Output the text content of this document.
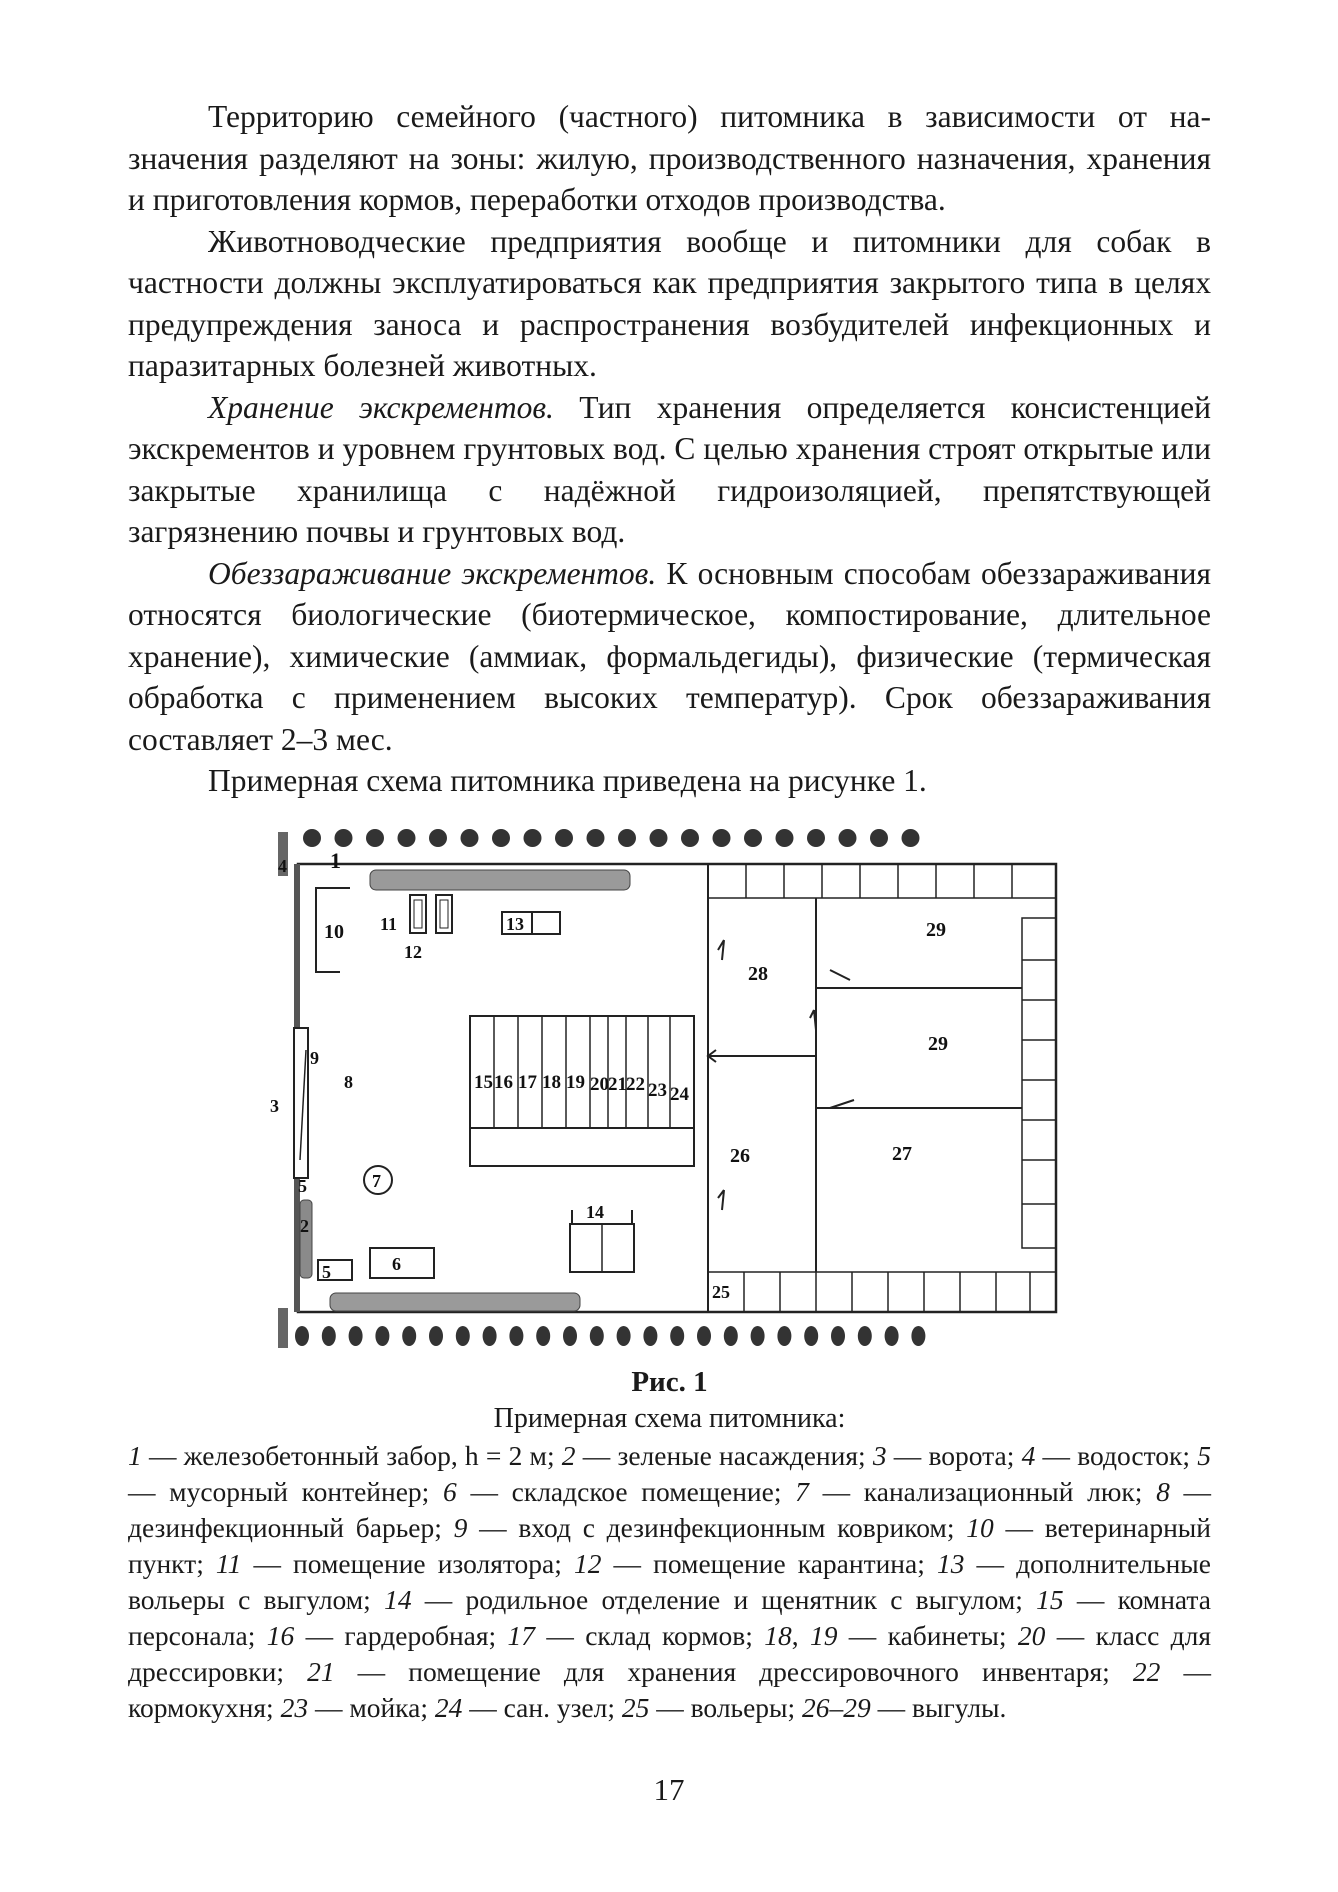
Территорию семейного (частного) питомника в зависимости от назначения разделяют на зоны: жилую, производственного назначения, хранения и приготовления кормов, переработки отходов производства.

Животноводческие предприятия вообще и питомники для собак в частности должны эксплуатироваться как предприятия закрытого типа в целях предупреждения заноса и распространения возбудителей инфекционных и паразитарных болезней животных.

Хранение экскрементов. Тип хранения определяется консистенцией экскрементов и уровнем грунтовых вод. С целью хранения строят открытые или закрытые хранилища с надёжной гидроизоляцией, препятствующей загрязнению почвы и грунтовых вод.

Обеззараживание экскрементов. К основным способам обеззараживания относятся биологические (биотермическое, компостирование, длительное хранение), химические (аммиак, формальдегиды), физические (термическая обработка с применением высоких температур). Срок обеззараживания составляет 2–3 мес.

Примерная схема питомника приведена на рисунке 1.

1
4
10 11
12
13
9
8
3
5
2
7
5	6
14
15 16 17 18 19 20 21 22 23 24
28
29
29
26	27
25

Рис. 1

Примерная схема питомника:

1 — железобетонный забор, h = 2 м; 2 — зеленые насаждения; 3 — ворота; 4 — водосток; 5 — мусорный контейнер; 6 — складское помещение; 7 — канализационный люк; 8 — дезинфекционный барьер; 9 — вход с дезинфекционным ковриком; 10 — ветеринарный пункт; 11 — помещение изолятора; 12 — помещение карантина; 13 — дополнительные вольеры с выгулом; 14 — родильное отделение и щенятник с выгулом; 15 — комната персонала; 16 — гардеробная; 17 — склад кормов; 18, 19 — кабинеты; 20 — класс для дрессировки; 21 — помещение для хранения дрессировочного инвентаря; 22 — кормокухня; 23 — мойка; 24 — сан. узел; 25 — вольеры; 26–29 — выгулы.

17
